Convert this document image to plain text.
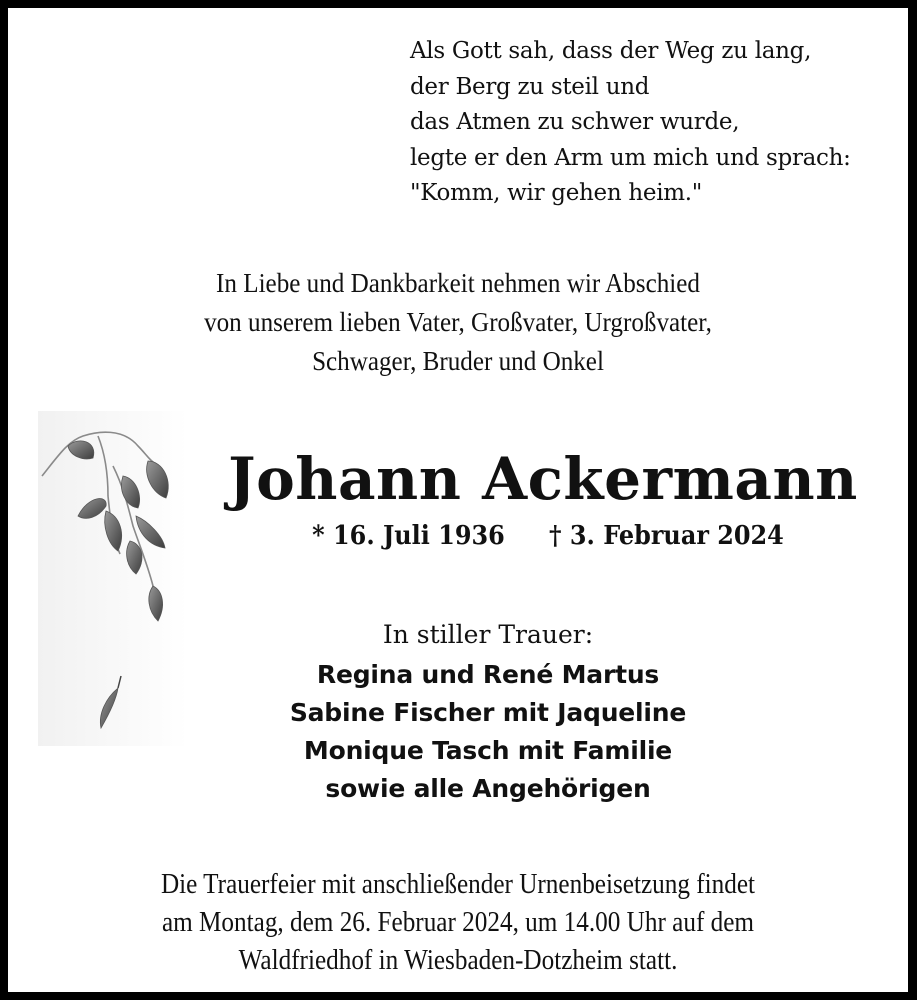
Als Gott sah, dass der Weg zu lang,
der Berg zu steil und
das Atmen zu schwer wurde,
legte er den Arm um mich und sprach:
"Komm, wir gehen heim."
In Liebe und Dankbarkeit nehmen wir Abschied
von unserem lieben Vater, Großvater, Urgroßvater,
Schwager, Bruder und Onkel
Johann Ackermann
* 16. Juli 1936 † 3. Februar 2024
In stiller Trauer:
Regina und René Martus
Sabine Fischer mit Jaqueline
Monique Tasch mit Familie
sowie alle Angehörigen
Die Trauerfeier mit anschließender Urnenbeisetzung findet
am Montag, dem 26. Februar 2024, um 14.00 Uhr auf dem
Waldfriedhof in Wiesbaden-Dotzheim statt.
